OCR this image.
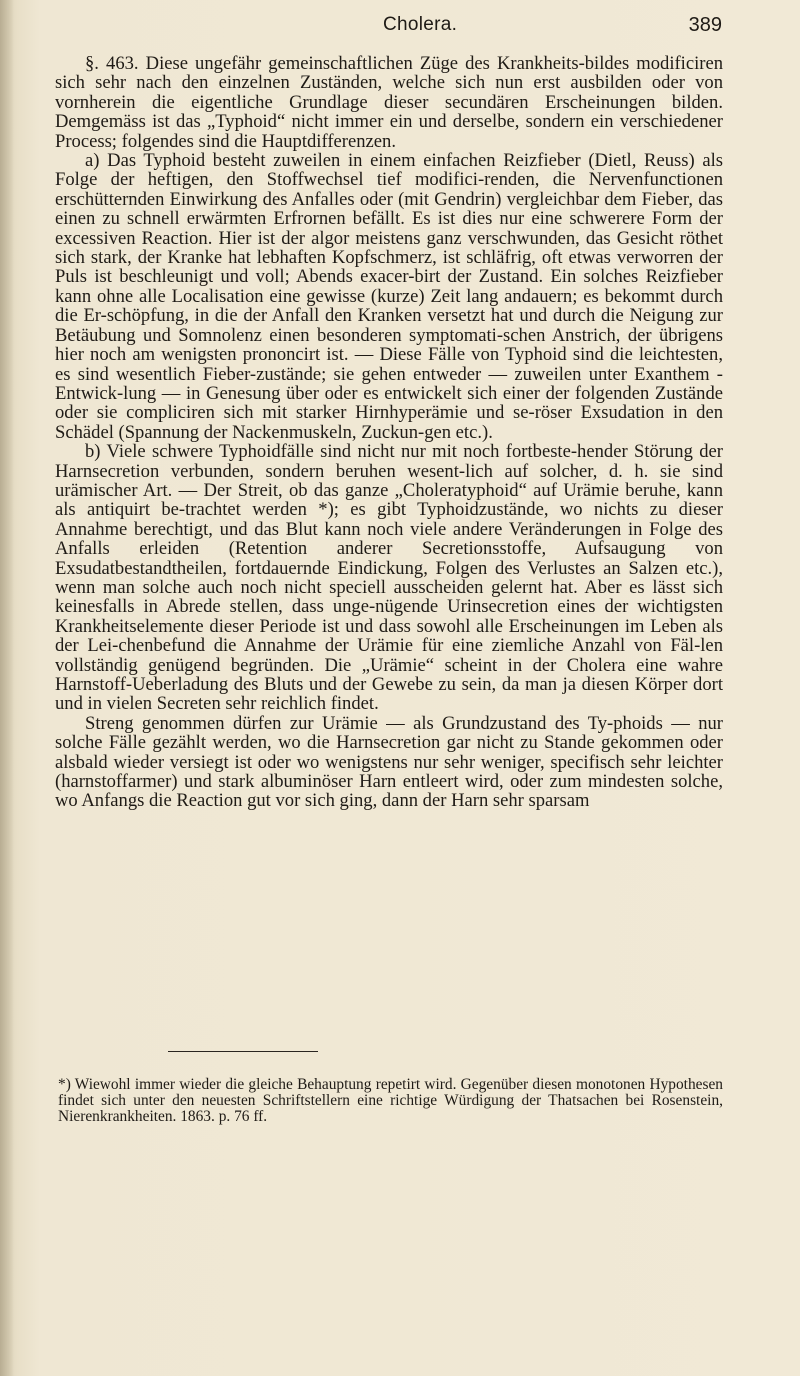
Cholera.	389

§. 463. Diese ungefähr gemeinschaftlichen Züge des Krankheits-bildes modificiren sich sehr nach den einzelnen Zuständen, welche sich nun erst ausbilden oder von vornherein die eigentliche Grundlage dieser secundären Erscheinungen bilden. Demgemäss ist das „Typhoid“ nicht immer ein und derselbe, sondern ein verschiedener Process; folgendes sind die Hauptdifferenzen.

a) Das Typhoid besteht zuweilen in einem einfachen Reizfieber (Dietl, Reuss) als Folge der heftigen, den Stoffwechsel tief modifici-renden, die Nervenfunctionen erschütternden Einwirkung des Anfalles oder (mit Gendrin) vergleichbar dem Fieber, das einen zu schnell erwärmten Erfrornen befällt. Es ist dies nur eine schwerere Form der excessiven Reaction. Hier ist der algor meistens ganz verschwunden, das Gesicht röthet sich stark, der Kranke hat lebhaften Kopfschmerz, ist schläfrig, oft etwas verworren der Puls ist beschleunigt und voll; Abends exacer-birt der Zustand. Ein solches Reizfieber kann ohne alle Localisation eine gewisse (kurze) Zeit lang andauern; es bekommt durch die Er-schöpfung, in die der Anfall den Kranken versetzt hat und durch die Neigung zur Betäubung und Somnolenz einen besonderen symptomati-schen Anstrich, der übrigens hier noch am wenigsten prononcirt ist. — Diese Fälle von Typhoid sind die leichtesten, es sind wesentlich Fieber-zustände; sie gehen entweder — zuweilen unter Exanthem - Entwick-lung — in Genesung über oder es entwickelt sich einer der folgenden Zustände oder sie compliciren sich mit starker Hirnhyperämie und se-röser Exsudation in den Schädel (Spannung der Nackenmuskeln, Zuckun-gen etc.).

b) Viele schwere Typhoidfälle sind nicht nur mit noch fortbeste-hender Störung der Harnsecretion verbunden, sondern beruhen wesent-lich auf solcher, d. h. sie sind urämischer Art. — Der Streit, ob das ganze „Choleratyphoid“ auf Urämie beruhe, kann als antiquirt be-trachtet werden *); es gibt Typhoidzustände, wo nichts zu dieser Annahme berechtigt, und das Blut kann noch viele andere Veränderungen in Folge des Anfalls erleiden (Retention anderer Secretionsstoffe, Aufsaugung von Exsudatbestandtheilen, fortdauernde Eindickung, Folgen des Verlustes an Salzen etc.), wenn man solche auch noch nicht speciell ausscheiden gelernt hat. Aber es lässt sich keinesfalls in Abrede stellen, dass unge-nügende Urinsecretion eines der wichtigsten Krankheitselemente dieser Periode ist und dass sowohl alle Erscheinungen im Leben als der Lei-chenbefund die Annahme der Urämie für eine ziemliche Anzahl von Fäl-len vollständig genügend begründen. Die „Urämie“ scheint in der Cholera eine wahre Harnstoff-Ueberladung des Bluts und der Gewebe zu sein, da man ja diesen Körper dort und in vielen Secreten sehr reichlich findet.

Streng genommen dürfen zur Urämie — als Grundzustand des Ty-phoids — nur solche Fälle gezählt werden, wo die Harnsecretion gar nicht zu Stande gekommen oder alsbald wieder versiegt ist oder wo wenigstens nur sehr weniger, specifisch sehr leichter (harnstoffarmer) und stark albuminöser Harn entleert wird, oder zum mindesten solche, wo Anfangs die Reaction gut vor sich ging, dann der Harn sehr sparsam

*) Wiewohl immer wieder die gleiche Behauptung repetirt wird. Gegenüber diesen monotonen Hypothesen findet sich unter den neuesten Schriftstellern eine richtige Würdigung der Thatsachen bei Rosenstein, Nierenkrankheiten. 1863. p. 76 ff.
